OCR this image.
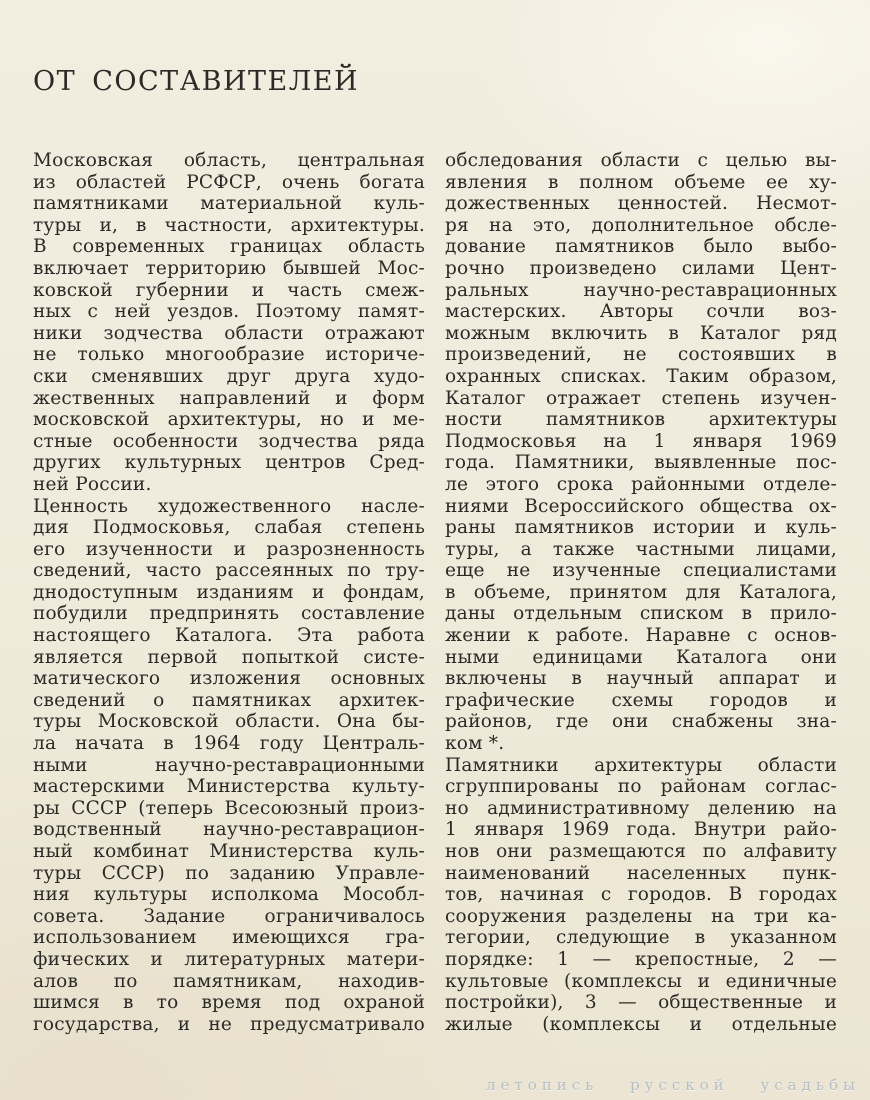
ОТ СОСТАВИТЕЛЕЙ
Московская область, центральная
из областей РСФСР, очень богата
памятниками материальной куль-
туры и, в частности, архитектуры.
В современных границах область
включает территорию бывшей Мос-
ковской губернии и часть смеж-
ных с ней уездов. Поэтому памят-
ники зодчества области отражают
не только многообразие историче-
ски сменявших друг друга худо-
жественных направлений и форм
московской архитектуры, но и ме-
стные особенности зодчества ряда
других культурных центров Сред-
ней России.
Ценность художественного насле-
дия Подмосковья, слабая степень
его изученности и разрозненность
сведений, часто рассеянных по тру-
днодоступным изданиям и фондам,
побудили предпринять составление
настоящего Каталога. Эта работа
является первой попыткой систе-
матического изложения основных
сведений о памятниках архитек-
туры Московской области. Она бы-
ла начата в 1964 году Централь-
ными научно-реставрационными
мастерскими Министерства культу-
ры СССР (теперь Всесоюзный произ-
водственный научно-реставрацион-
ный комбинат Министерства куль-
туры СССР) по заданию Управле-
ния культуры исполкома Мособл-
совета. Задание ограничивалось
использованием имеющихся гра-
фических и литературных матери-
алов по памятникам, находив-
шимся в то время под охраной
государства, и не предусматривало
обследования области с целью вы-
явления в полном объеме ее ху-
дожественных ценностей. Несмот-
ря на это, дополнительное обсле-
дование памятников было выбо-
рочно произведено силами Цент-
ральных научно-реставрационных
мастерских. Авторы сочли воз-
можным включить в Каталог ряд
произведений, не состоявших в
охранных списках. Таким образом,
Каталог отражает степень изучен-
ности памятников архитектуры
Подмосковья на 1 января 1969
года. Памятники, выявленные пос-
ле этого срока районными отделе-
ниями Всероссийского общества ох-
раны памятников истории и куль-
туры, а также частными лицами,
еще не изученные специалистами
в объеме, принятом для Каталога,
даны отдельным списком в прило-
жении к работе. Наравне с основ-
ными единицами Каталога они
включены в научный аппарат и
графические схемы городов и
районов, где они снабжены зна-
ком *.
Памятники архитектуры области
сгруппированы по районам соглас-
но административному делению на
1 января 1969 года. Внутри райо-
нов они размещаются по алфавиту
наименований населенных пунк-
тов, начиная с городов. В городах
сооружения разделены на три ка-
тегории, следующие в указанном
порядке: 1 — крепостные, 2 —
культовые (комплексы и единичные
постройки), 3 — общественные и
жилые (комплексы и отдельные
летопись русской усадьбы
